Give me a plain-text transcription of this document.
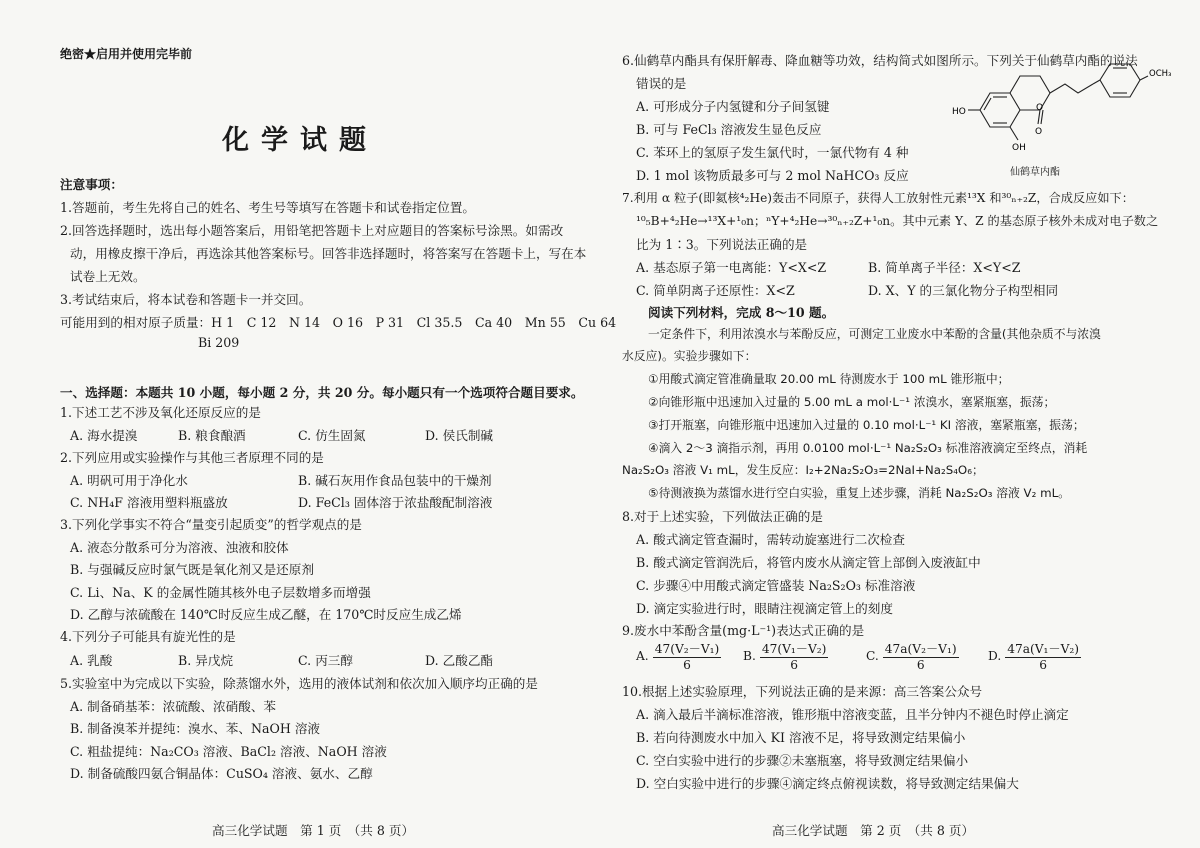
绝密★启用并使用完毕前
化学试题
注意事项：
1.答题前，考生先将自己的姓名、考生号等填写在答题卡和试卷指定位置。
2.回答选择题时，选出每小题答案后，用铅笔把答题卡上对应题目的答案标号涂黑。如需改
动，用橡皮擦干净后，再选涂其他答案标号。回答非选择题时，将答案写在答题卡上，写在本
试卷上无效。
3.考试结束后，将本试卷和答题卡一并交回。
可能用到的相对原子质量：H 1　C 12　N 14　O 16　P 31　Cl 35.5　Ca 40　Mn 55　Cu 64
Bi 209
一、选择题：本题共 10 小题，每小题 2 分，共 20 分。每小题只有一个选项符合题目要求。
1.下述工艺不涉及氧化还原反应的是
A. 海水提溴	B. 粮食酿酒	C. 仿生固氮	D. 侯氏制碱
2.下列应用或实验操作与其他三者原理不同的是
A. 明矾可用于净化水	B. 碱石灰用作食品包装中的干燥剂
C. NH₄F 溶液用塑料瓶盛放	D. FeCl₃ 固体溶于浓盐酸配制溶液
3.下列化学事实不符合“量变引起质变”的哲学观点的是
A. 液态分散系可分为溶液、浊液和胶体
B. 与强碱反应时氯气既是氧化剂又是还原剂
C. Li、Na、K 的金属性随其核外电子层数增多而增强
D. 乙醇与浓硫酸在 140℃时反应生成乙醚，在 170℃时反应生成乙烯
4.下列分子可能具有旋光性的是
A. 乳酸	B. 异戊烷	C. 丙三醇	D. 乙酸乙酯
5.实验室中为完成以下实验，除蒸馏水外，选用的液体试剂和依次加入顺序均正确的是
A. 制备硝基苯：浓硫酸、浓硝酸、苯
B. 制备溴苯并提纯：溴水、苯、NaOH 溶液
C. 粗盐提纯：Na₂CO₃ 溶液、BaCl₂ 溶液、NaOH 溶液
D. 制备硫酸四氨合铜晶体：CuSO₄ 溶液、氨水、乙醇
高三化学试题　第 1 页　（共 8 页）
6.仙鹤草内酯具有保肝解毒、降血糖等功效，结构简式如图所示。下列关于仙鹤草内酯的说法
错误的是
A. 可形成分子内氢键和分子间氢键
B. 可与 FeCl₃ 溶液发生显色反应
C. 苯环上的氢原子发生氯代时，一氯代物有 4 种
D. 1 mol 该物质最多可与 2 mol NaHCO₃ 反应
HO
OH
O
O
OCH₃
仙鹤草内酯
7.利用 α 粒子(即氦核⁴₂He)轰击不同原子，获得人工放射性元素¹³X 和³⁰ₙ₊₂Z，合成反应如下：
¹⁰₅B+⁴₂He→¹³X+¹₀n；ⁿY+⁴₂He→³⁰ₙ₊₂Z+¹₀n。其中元素 Y、Z 的基态原子核外未成对电子数之
比为 1∶3。下列说法正确的是
A. 基态原子第一电离能：Y<X<Z	B. 简单离子半径：X<Y<Z
C. 简单阴离子还原性：X<Z	D. X、Y 的三氯化物分子构型相同
阅读下列材料，完成 8～10 题。
一定条件下，利用浓溴水与苯酚反应，可测定工业废水中苯酚的含量(其他杂质不与浓溴
水反应)。实验步骤如下：
①用酸式滴定管准确量取 20.00 mL 待测废水于 100 mL 锥形瓶中；
②向锥形瓶中迅速加入过量的 5.00 mL a mol·L⁻¹ 浓溴水，塞紧瓶塞，振荡；
③打开瓶塞，向锥形瓶中迅速加入过量的 0.10 mol·L⁻¹ KI 溶液，塞紧瓶塞，振荡；
④滴入 2～3 滴指示剂，再用 0.0100 mol·L⁻¹ Na₂S₂O₃ 标准溶液滴定至终点，消耗
Na₂S₂O₃ 溶液 V₁ mL，发生反应：I₂+2Na₂S₂O₃=2NaI+Na₂S₄O₆；
⑤待测液换为蒸馏水进行空白实验，重复上述步骤，消耗 Na₂S₂O₃ 溶液 V₂ mL。
8.对于上述实验，下列做法正确的是
A. 酸式滴定管查漏时，需转动旋塞进行二次检查
B. 酸式滴定管润洗后，将管内废水从滴定管上部倒入废液缸中
C. 步骤④中用酸式滴定管盛装 Na₂S₂O₃ 标准溶液
D. 滴定实验进行时，眼睛注视滴定管上的刻度
9.废水中苯酚含量(mg·L⁻¹)表达式正确的是
A. $\frac{\text{47(V₂－V₁)}}{6} B$. $\frac{\text{47(V₁－V₂)}}{6}$	C. $\frac{\text{47a(V₂－V₁)}}{6} D$. $\frac{\text{47a(V₁－V₂)}}{6}$
10.根据上述实验原理，下列说法正确的是来源：高三答案公众号
A. 滴入最后半滴标准溶液，锥形瓶中溶液变蓝，且半分钟内不褪色时停止滴定
B. 若向待测废水中加入 KI 溶液不足，将导致测定结果偏小
C. 空白实验中进行的步骤②未塞瓶塞，将导致测定结果偏小
D. 空白实验中进行的步骤④滴定终点俯视读数，将导致测定结果偏大
高三化学试题　第 2 页　（共 8 页）
